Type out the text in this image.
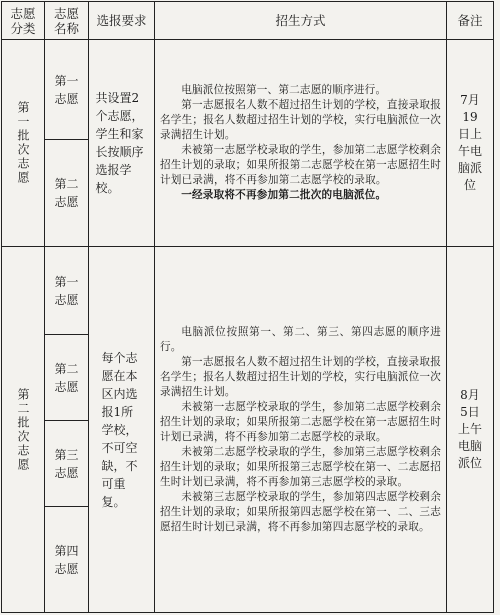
志愿分类	志愿名称	选报要求	招生方式	备注

第一批次志愿	第一志愿	共设置2个志愿，学生和家长按顺序选报学校。	电脑派位按照第一、第二志愿的顺序进行。

第一志愿报名人数不超过招生计划的学校，直接录取报名学生；报名人数超过招生计划的学校，实行电脑派位一次录满招生计划。

未被第一志愿学校录取的学生，参加第二志愿学校剩余招生计划的录取；如果所报第二志愿学校在第一志愿招生时计划已录满，将不再参加第二志愿学校的录取。

一经录取将不再参加第二批次的电脑派位。	7月19日上午电脑派位

	第二志愿			

第二批次志愿	第一志愿	每个志愿在本区内选报1所学校，不可空缺，不可重复。	电脑派位按照第一、第二、第三、第四志愿的顺序进行。

第一志愿报名人数不超过招生计划的学校，直接录取报名学生；报名人数超过招生计划的学校，实行电脑派位一次录满招生计划。

未被第一志愿学校录取的学生，参加第二志愿学校剩余招生计划的录取；如果所报第二志愿学校在第一志愿招生时计划已录满，将不再参加第二志愿学校的录取。

未被第二志愿学校录取的学生，参加第三志愿学校剩余招生计划的录取；如果所报第三志愿学校在第一、二志愿招生时计划已录满，将不再参加第三志愿学校的录取。

未被第三志愿学校录取的学生，参加第四志愿学校剩余招生计划的录取；如果所报第四志愿学校在第一、二、三志愿招生时计划已录满，将不再参加第四志愿学校的录取。	8月5日上午电脑派位

	第二志愿			
	第三志愿			
	第四志愿			
